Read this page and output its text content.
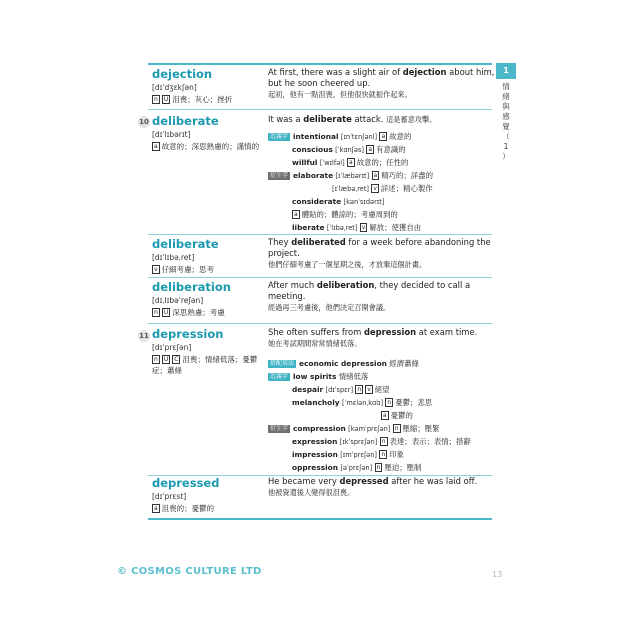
dejection
[dɪˈdʒɛkʃən]
n U 沮喪；灰心；挫折
At first, there was a slight air of dejection about him, but he soon cheered up.
起初，他有一點沮喪，但他很快就振作起來。
10 deliberate
[dɪˈlɪbərɪt]
a 故意的；深思熟慮的；謹慎的
It was a deliberate attack. 這是蓄意攻擊。
近義字 intentional [ɪnˈtɛnʃənl] a 故意的
conscious [ˈkɑnʃəs] a 有意識的
willful [ˈwɪlfəl] a 故意的；任性的
衍生字 elaborate [ɪˈlæbərɪt] a 精巧的；詳盡的
[ɪˈlæbəˌret] v 詳述；精心製作
considerate [kənˈsɪdərɪt]
a 體貼的；體諒的；考慮周到的
liberate [ˈlɪbəˌret] v 解放；使獲自由
deliberate
[dɪˈlɪbəˌret]
v 仔細考慮；思考
They deliberated for a week before abandoning the project.
他們仔細考慮了一個星期之後，才放棄這個計畫。
deliberation
[dɪˌlɪbəˈreʃən]
n U 深思熟慮；考慮
After much deliberation, they decided to call a meeting.
經過再三考慮後，他們決定召開會議。
11 depression
[dɪˈprɛʃən]
n U C 沮喪；情緒低落；憂鬱症；蕭條
She often suffers from depression at exam time.
她在考試期間常常情緒低落。
搭配用法 economic depression 經濟蕭條
近義字 low spirits 情緒低落
despair [dɪˈspɛr] n v 絕望
melancholy [ˈmɛlənˌkɑlɪ] n 憂鬱；悲思
a 憂鬱的
衍生字 compression [kəmˈprɛʃən] n 壓縮；壓緊
expression [ɪkˈsprɛʃən] n 表達；表示；表情；措辭
impression [ɪmˈprɛʃən] n 印象
oppression [əˈprɛʃən] n 壓迫；壓制
depressed
[dɪˈprɛst]
a 沮喪的；憂鬱的
He became very depressed after he was laid off.
他被資遣後人變得很沮喪。
1
情
緒
與
感
覺
（
1
）
© COSMOS CULTURE LTD	13
